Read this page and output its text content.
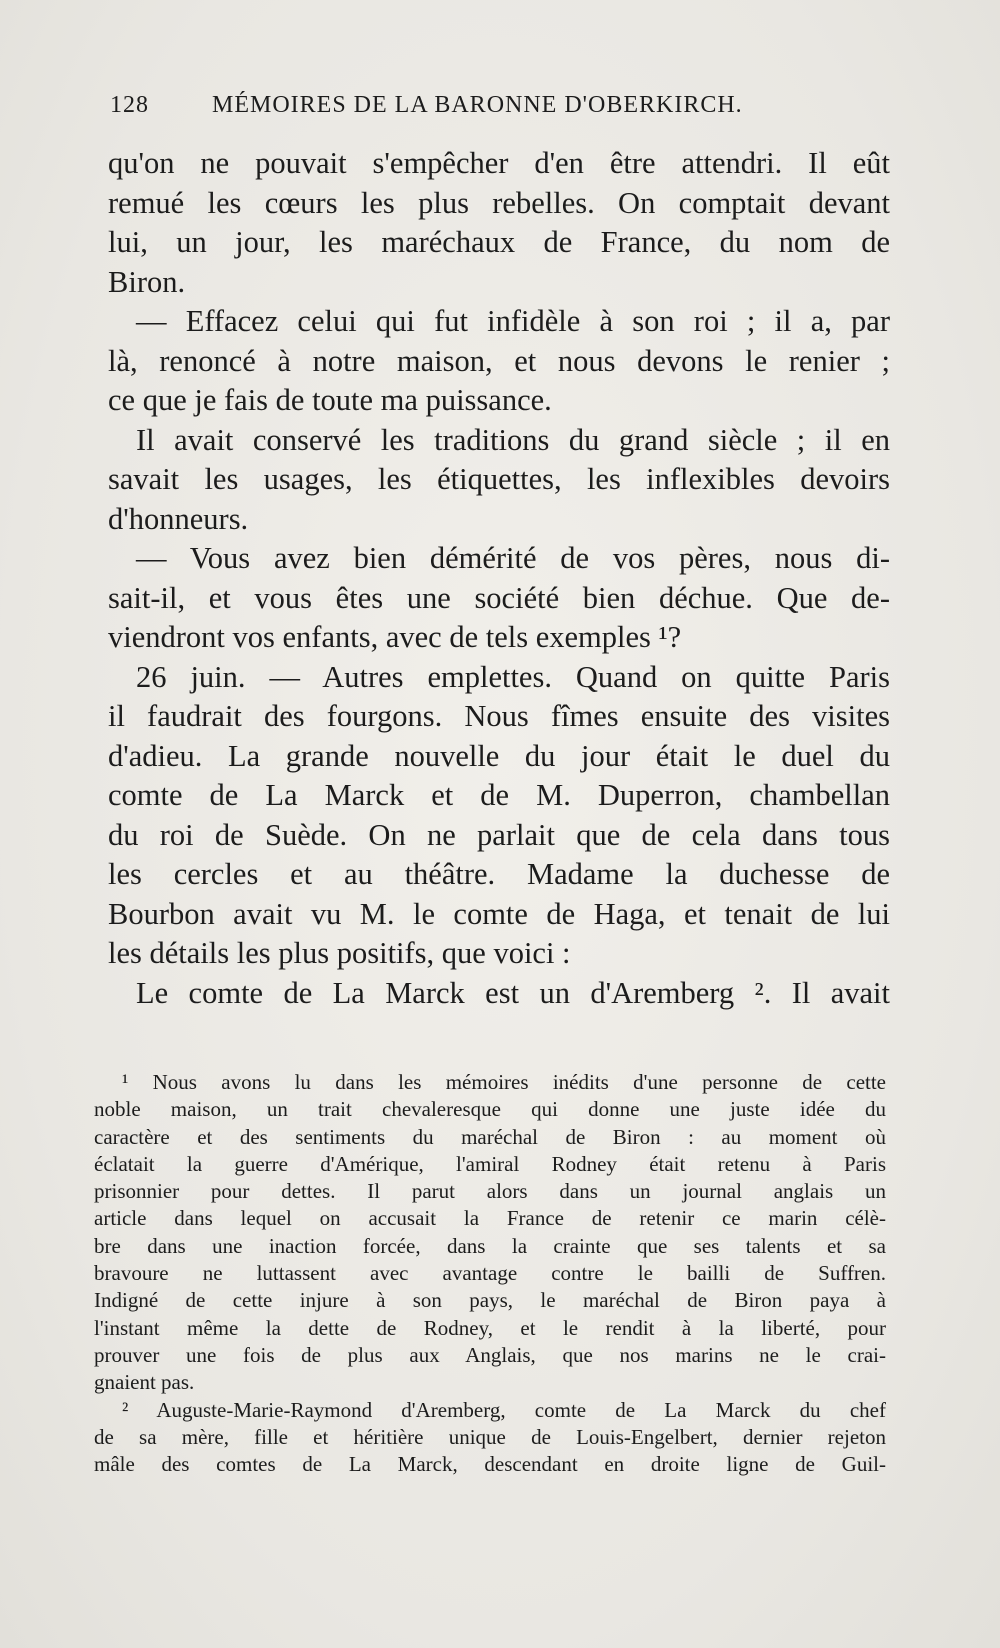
128	MÉMOIRES DE LA BARONNE D'OBERKIRCH.
qu'on ne pouvait s'empêcher d'en être attendri. Il eût
remué les cœurs les plus rebelles. On comptait devant
lui, un jour, les maréchaux de France, du nom de
Biron.
— Effacez celui qui fut infidèle à son roi ; il a, par
là, renoncé à notre maison, et nous devons le renier ;
ce que je fais de toute ma puissance.
Il avait conservé les traditions du grand siècle ; il en
savait les usages, les étiquettes, les inflexibles devoirs
d'honneurs.
— Vous avez bien démérité de vos pères, nous di-
sait-il, et vous êtes une société bien déchue. Que de-
viendront vos enfants, avec de tels exemples ¹?
26 juin. — Autres emplettes. Quand on quitte Paris
il faudrait des fourgons. Nous fîmes ensuite des visites
d'adieu. La grande nouvelle du jour était le duel du
comte de La Marck et de M. Duperron, chambellan
du roi de Suède. On ne parlait que de cela dans tous
les cercles et au théâtre. Madame la duchesse de
Bourbon avait vu M. le comte de Haga, et tenait de lui
les détails les plus positifs, que voici :
Le comte de La Marck est un d'Aremberg ². Il avait
¹ Nous avons lu dans les mémoires inédits d'une personne de cette
noble maison, un trait chevaleresque qui donne une juste idée du
caractère et des sentiments du maréchal de Biron : au moment où
éclatait la guerre d'Amérique, l'amiral Rodney était retenu à Paris
prisonnier pour dettes. Il parut alors dans un journal anglais un
article dans lequel on accusait la France de retenir ce marin célè-
bre dans une inaction forcée, dans la crainte que ses talents et sa
bravoure ne luttassent avec avantage contre le bailli de Suffren.
Indigné de cette injure à son pays, le maréchal de Biron paya à
l'instant même la dette de Rodney, et le rendit à la liberté, pour
prouver une fois de plus aux Anglais, que nos marins ne le crai-
gnaient pas.
² Auguste-Marie-Raymond d'Aremberg, comte de La Marck du chef
de sa mère, fille et héritière unique de Louis-Engelbert, dernier rejeton
mâle des comtes de La Marck, descendant en droite ligne de Guil-
